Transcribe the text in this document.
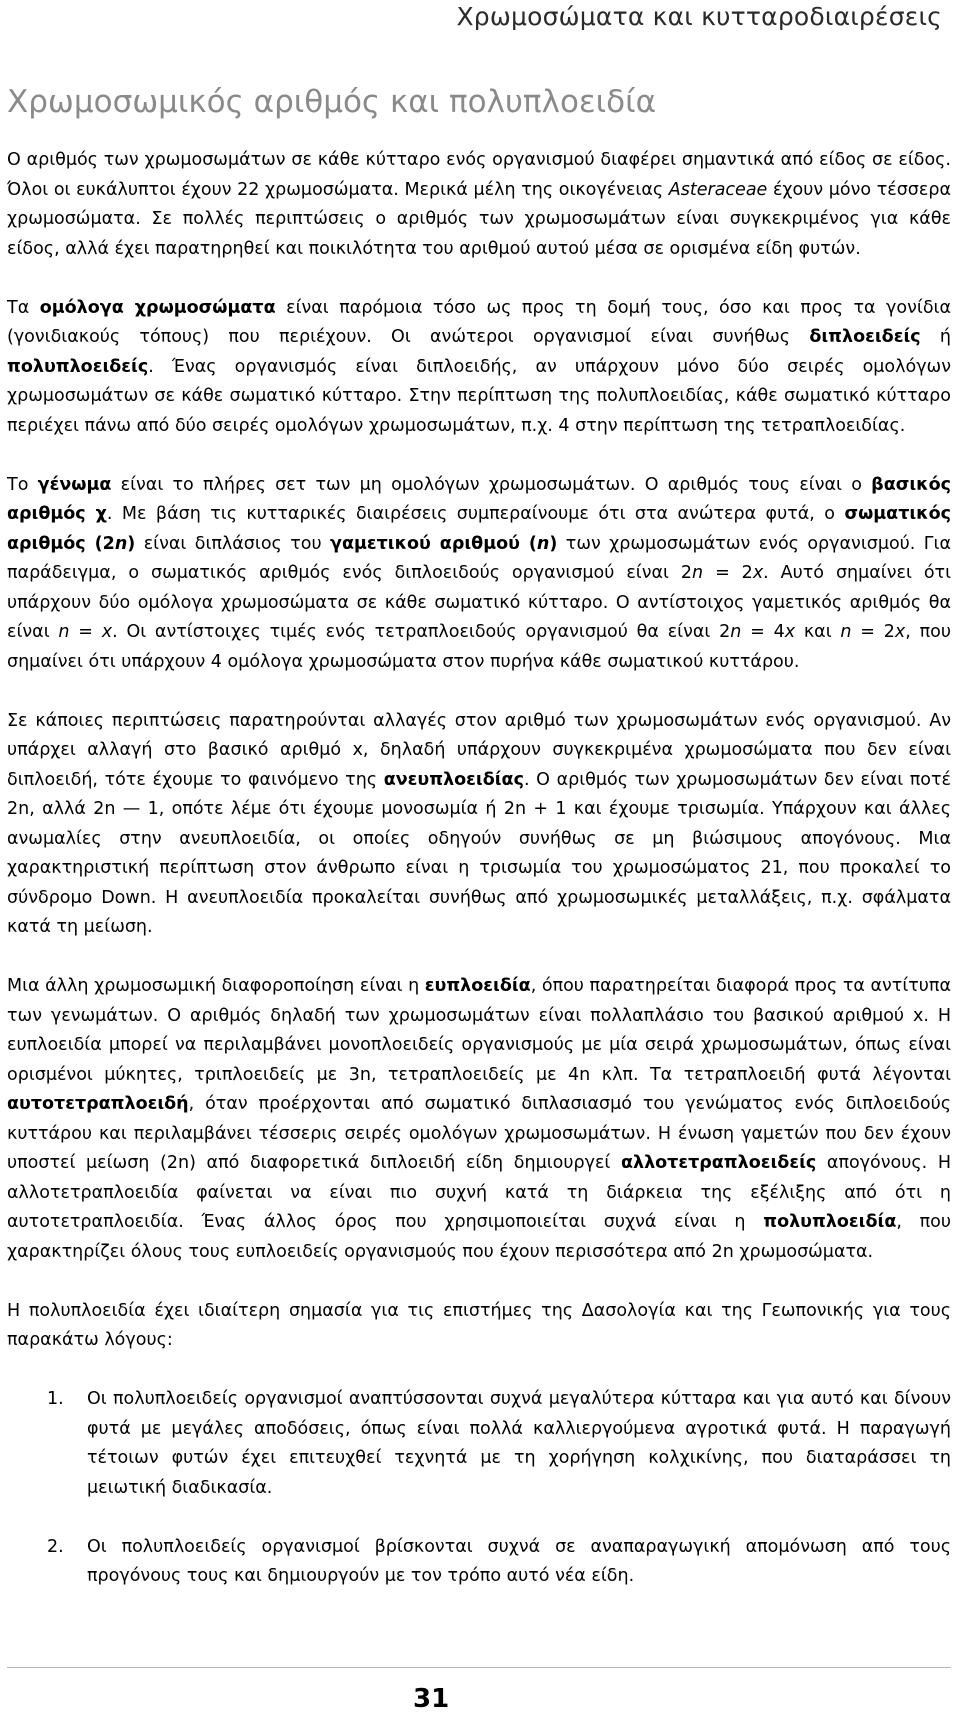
Χρωμοσώματα και κυτταροδιαιρέσεις
Χρωμοσωμικός αριθμός και πολυπλοειδία

Ο αριθμός των χρωμοσωμάτων σε κάθε κύτταρο ενός οργανισμού διαφέρει σημαντικά από είδος σε είδος. Όλοι οι ευκάλυπτοι έχουν 22 χρωμοσώματα. Μερικά μέλη της οικογένειας Asteraceae έχουν μόνο τέσσερα χρωμοσώματα. Σε πολλές περιπτώσεις ο αριθμός των χρωμοσωμάτων είναι συγκεκριμένος για κάθε είδος, αλλά έχει παρατηρηθεί και ποικιλότητα του αριθμού αυτού μέσα σε ορισμένα είδη φυτών.

Τα ομόλογα χρωμοσώματα είναι παρόμοια τόσο ως προς τη δομή τους, όσο και προς τα γονίδια (γονιδιακούς τόπους) που περιέχουν. Οι ανώτεροι οργανισμοί είναι συνήθως διπλοειδείς ή πολυπλοειδείς. Ένας οργανισμός είναι διπλοειδής, αν υπάρχουν μόνο δύο σειρές ομολόγων χρωμοσωμάτων σε κάθε σωματικό κύτταρο. Στην περίπτωση της πολυπλοειδίας, κάθε σωματικό κύτταρο περιέχει πάνω από δύο σειρές ομολόγων χρωμοσωμάτων, π.χ. 4 στην περίπτωση της τετραπλοειδίας.

Το γένωμα είναι το πλήρες σετ των μη ομολόγων χρωμοσωμάτων. Ο αριθμός τους είναι ο βασικός αριθμός χ. Με βάση τις κυτταρικές διαιρέσεις συμπεραίνουμε ότι στα ανώτερα φυτά, ο σωματικός αριθμός (2n) είναι διπλάσιος του γαμετικού αριθμού (n) των χρωμοσωμάτων ενός οργανισμού. Για παράδειγμα, ο σωματικός αριθμός ενός διπλοειδούς οργανισμού είναι 2n = 2x. Αυτό σημαίνει ότι υπάρχουν δύο ομόλογα χρωμοσώματα σε κάθε σωματικό κύτταρο. Ο αντίστοιχος γαμετικός αριθμός θα είναι n = x. Οι αντίστοιχες τιμές ενός τετραπλοειδούς οργανισμού θα είναι 2n = 4x και n = 2x, που σημαίνει ότι υπάρχουν 4 ομόλογα χρωμοσώματα στον πυρήνα κάθε σωματικού κυττάρου.

Σε κάποιες περιπτώσεις παρατηρούνται αλλαγές στον αριθμό των χρωμοσωμάτων ενός οργανισμού. Αν υπάρχει αλλαγή στο βασικό αριθμό x, δηλαδή υπάρχουν συγκεκριμένα χρωμοσώματα που δεν είναι διπλοειδή, τότε έχουμε το φαινόμενο της ανευπλοειδίας. Ο αριθμός των χρωμοσωμάτων δεν είναι ποτέ 2n, αλλά 2n — 1, οπότε λέμε ότι έχουμε μονοσωμία ή 2n + 1 και έχουμε τρισωμία. Υπάρχουν και άλλες ανωμαλίες στην ανευπλοειδία, οι οποίες οδηγούν συνήθως σε μη βιώσιμους απογόνους. Μια χαρακτηριστική περίπτωση στον άνθρωπο είναι η τρισωμία του χρωμοσώματος 21, που προκαλεί το σύνδρομο Down. Η ανευπλοειδία προκαλείται συνήθως από χρωμοσωμικές μεταλλάξεις, π.χ. σφάλματα κατά τη μείωση.

Μια άλλη χρωμοσωμική διαφοροποίηση είναι η ευπλοειδία, όπου παρατηρείται διαφορά προς τα αντίτυπα των γενωμάτων. Ο αριθμός δηλαδή των χρωμοσωμάτων είναι πολλαπλάσιο του βασικού αριθμού x. Η ευπλοειδία μπορεί να περιλαμβάνει μονοπλοειδείς οργανισμούς με μία σειρά χρωμοσωμάτων, όπως είναι ορισμένοι μύκητες, τριπλοειδείς με 3n, τετραπλοειδείς με 4n κλπ. Τα τετραπλοειδή φυτά λέγονται αυτοτετραπλοειδή, όταν προέρχονται από σωματικό διπλασιασμό του γενώματος ενός διπλοειδούς κυττάρου και περιλαμβάνει τέσσερις σειρές ομολόγων χρωμοσωμάτων. Η ένωση γαμετών που δεν έχουν υποστεί μείωση (2n) από διαφορετικά διπλοειδή είδη δημιουργεί αλλοτετραπλοειδείς απογόνους. Η αλλοτετραπλοειδία φαίνεται να είναι πιο συχνή κατά τη διάρκεια της εξέλιξης από ότι η αυτοτετραπλοειδία. Ένας άλλος όρος που χρησιμοποιείται συχνά είναι η πολυπλοειδία, που χαρακτηρίζει όλους τους ευπλοειδείς οργανισμούς που έχουν περισσότερα από 2n χρωμοσώματα.

Η πολυπλοειδία έχει ιδιαίτερη σημασία για τις επιστήμες της Δασολογία και της Γεωπονικής για τους παρακάτω λόγους:

1. Οι πολυπλοειδείς οργανισμοί αναπτύσσονται συχνά μεγαλύτερα κύτταρα και για αυτό και δίνουν φυτά με μεγάλες αποδόσεις, όπως είναι πολλά καλλιεργούμενα αγροτικά φυτά. Η παραγωγή τέτοιων φυτών έχει επιτευχθεί τεχνητά με τη χορήγηση κολχικίνης, που διαταράσσει τη μειωτική διαδικασία.
2. Οι πολυπλοειδείς οργανισμοί βρίσκονται συχνά σε αναπαραγωγική απομόνωση από τους προγόνους τους και δημιουργούν με τον τρόπο αυτό νέα είδη.
31
